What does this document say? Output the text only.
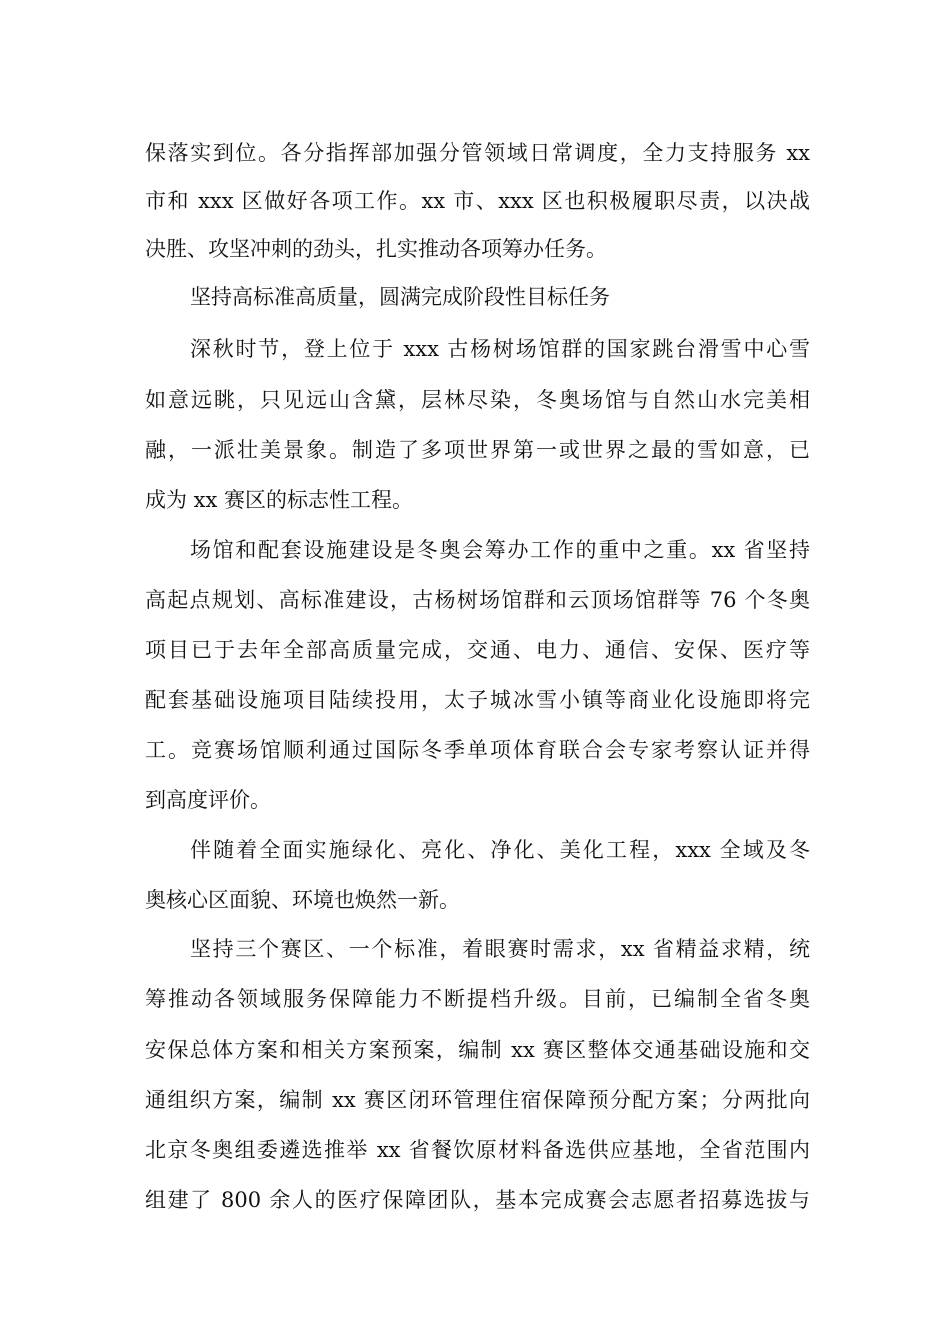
保落实到位。各分指挥部加强分管领域日常调度，全力支持服务 xx
市和 xxx 区做好各项工作。xx 市、xxx 区也积极履职尽责，以决战
决胜、攻坚冲刺的劲头，扎实推动各项筹办任务。
坚持高标准高质量，圆满完成阶段性目标任务
深秋时节，登上位于 xxx 古杨树场馆群的国家跳台滑雪中心雪
如意远眺，只见远山含黛，层林尽染，冬奥场馆与自然山水完美相
融，一派壮美景象。制造了多项世界第一或世界之最的雪如意，已
成为 xx 赛区的标志性工程。
场馆和配套设施建设是冬奥会筹办工作的重中之重。xx 省坚持
高起点规划、高标准建设，古杨树场馆群和云顶场馆群等 76 个冬奥
项目已于去年全部高质量完成，交通、电力、通信、安保、医疗等
配套基础设施项目陆续投用，太子城冰雪小镇等商业化设施即将完
工。竞赛场馆顺利通过国际冬季单项体育联合会专家考察认证并得
到高度评价。
伴随着全面实施绿化、亮化、净化、美化工程，xxx 全域及冬
奥核心区面貌、环境也焕然一新。
坚持三个赛区、一个标准，着眼赛时需求，xx 省精益求精，统
筹推动各领域服务保障能力不断提档升级。目前，已编制全省冬奥
安保总体方案和相关方案预案，编制 xx 赛区整体交通基础设施和交
通组织方案，编制 xx 赛区闭环管理住宿保障预分配方案；分两批向
北京冬奥组委遴选推举 xx 省餐饮原材料备选供应基地，全省范围内
组建了 800 余人的医疗保障团队，基本完成赛会志愿者招募选拔与
